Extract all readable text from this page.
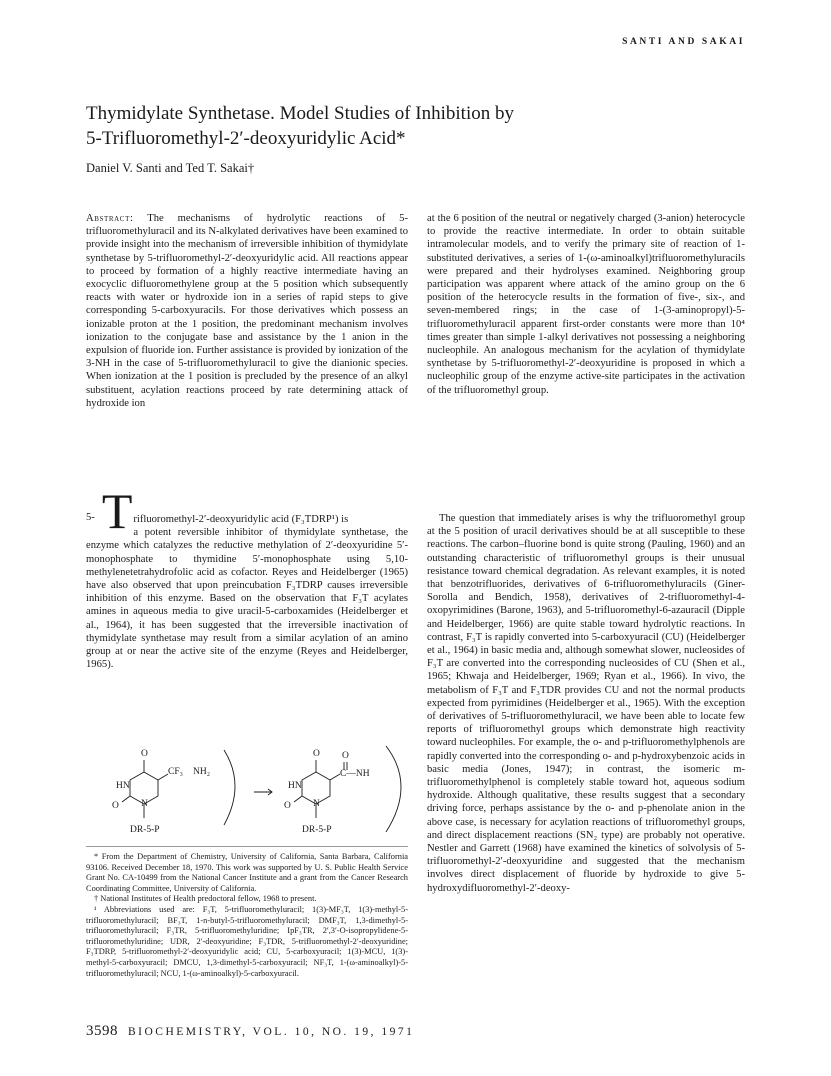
SANTI AND SAKAI
Thymidylate Synthetase. Model Studies of Inhibition by
5-Trifluoromethyl-2′-deoxyuridylic Acid*
Daniel V. Santi and Ted T. Sakai†

Abstract: The mechanisms of hydrolytic reactions of 5-trifluoromethyluracil and its N-alkylated derivatives have been examined to provide insight into the mechanism of irreversible inhibition of thymidylate synthetase by 5-trifluoromethyl-2′-deoxyuridylic acid. All reactions appear to proceed by formation of a highly reactive intermediate having an exocyclic difluoromethylene group at the 5 position which subsequently reacts with water or hydroxide ion in a series of rapid steps to give corresponding 5-carboxyuracils. For those derivatives which possess an ionizable proton at the 1 position, the predominant mechanism involves ionization to the conjugate base and assistance by the 1 anion in the expulsion of fluoride ion. Further assistance is provided by ionization of the 3-NH in the case of 5-trifluoromethyluracil to give the dianionic species. When ionization at the 1 position is precluded by the presence of an alkyl substituent, acylation reactions proceed by rate determining attack of hydroxide ion

at the 6 position of the neutral or negatively charged (3-anion) heterocycle to provide the reactive intermediate. In order to obtain suitable intramolecular models, and to verify the primary site of reaction of 1-substituted derivatives, a series of 1-(ω-aminoalkyl)trifluoromethyluracils were prepared and their hydrolyses examined. Neighboring group participation was apparent where attack of the amino group on the 6 position of the heterocycle results in the formation of five-, six-, and seven-membered rings; in the case of 1-(3-aminopropyl)-5-trifluoromethyluracil apparent first-order constants were more than 10⁴ times greater than simple 1-alkyl derivatives not possessing a neighboring nucleophile. An analogous mechanism for the acylation of thymidylate synthetase by 5-trifluoromethyl-2′-deoxyuridine is proposed in which a nucleophilic group of the enzyme active-site participates in the activation of the trifluoromethyl group.

5- T rifluoromethyl-2′-deoxyuridylic acid (F₃TDRP¹) is
a potent reversible inhibitor of thymidylate synthetase, the enzyme which catalyzes the reductive methylation of 2′-deoxyuridine 5′-monophosphate to thymidine 5′-monophosphate using 5,10-methylenetetrahydrofolic acid as cofactor. Reyes and Heidelberger (1965) have also observed that upon preincubation F₃TDRP causes irreversible inhibition of this enzyme. Based on the observation that F₃T acylates amines in aqueous media to give uracil-5-carboxamides (Heidelberger et al., 1964), it has been suggested that the irreversible inactivation of thymidylate synthetase may result from a similar acylation of an amino group at or near the active site of the enzyme (Reyes and Heidelberger, 1965).

O
HN
CF₃ NH₂
O N
DR-5-P
O O
HN
C—NH
O N
DR-5-P

* From the Department of Chemistry, University of California, Santa Barbara, California 93106. Received December 18, 1970. This work was supported by U. S. Public Health Service Grant No. CA-10499 from the National Cancer Institute and a grant from the Cancer Research Coordinating Committee, University of California.

† National Institutes of Health predoctoral fellow, 1968 to present.

¹ Abbreviations used are: F₃T, 5-trifluoromethyluracil; 1(3)-MF₃T, 1(3)-methyl-5-trifluoromethyluracil; BF₃T, 1-n-butyl-5-trifluoromethyluracil; DMF₃T, 1,3-dimethyl-5-trifluoromethyluracil; F₃TR, 5-trifluoromethyluridine; IpF₃TR, 2′,3′-O-isopropylidene-5-trifluoromethyluridine; UDR, 2′-deoxyuridine; F₃TDR, 5-trifluoromethyl-2′-deoxyuridine; F₃TDRP, 5-trifluoromethyl-2′-deoxyuridylic acid; CU, 5-carboxyuracil; 1(3)-MCU, 1(3)-methyl-5-carboxyuracil; DMCU, 1,3-dimethyl-5-carboxyuracil; NF₃T, 1-(ω-aminoalkyl)-5-trifluoromethyluracil; NCU, 1-(ω-aminoalkyl)-5-carboxyuracil.

The question that immediately arises is why the trifluoromethyl group at the 5 position of uracil derivatives should be at all susceptible to these reactions. The carbon–fluorine bond is quite strong (Pauling, 1960) and an outstanding characteristic of trifluoromethyl groups is their unusual resistance toward chemical degradation. As relevant examples, it is noted that benzotrifluorides, derivatives of 6-trifluoromethyluracils (Giner-Sorolla and Bendich, 1958), derivatives of 2-trifluoromethyl-4-oxopyrimidines (Barone, 1963), and 5-trifluoromethyl-6-azauracil (Dipple and Heidelberger, 1966) are quite stable toward hydrolytic reactions. In contrast, F₃T is rapidly converted into 5-carboxyuracil (CU) (Heidelberger et al., 1964) in basic media and, although somewhat slower, nucleosides of F₃T are converted into the corresponding nucleosides of CU (Shen et al., 1965; Khwaja and Heidelberger, 1969; Ryan et al., 1966). In vivo, the metabolism of F₃T and F₃TDR provides CU and not the normal products expected from pyrimidines (Heidelberger et al., 1965). With the exception of derivatives of 5-trifluoromethyluracil, we have been able to locate few reports of trifluoromethyl groups which demonstrate high reactivity toward nucleophiles. For example, the o- and p-trifluoromethylphenols are rapidly converted into the corresponding o- and p-hydroxybenzoic acids in basic media (Jones, 1947); in contrast, the isomeric m-trifluoromethylphenol is completely stable toward hot, aqueous sodium hydroxide. Although qualitative, these results suggest that a secondary driving force, perhaps assistance by the o- and p-phenolate anion in the above case, is necessary for acylation reactions of trifluoromethyl groups, and direct displacement reactions (SN₂ type) are probably not operative. Nestler and Garrett (1968) have examined the kinetics of solvolysis of 5-trifluoromethyl-2′-deoxyuridine and suggested that the mechanism involves direct displacement of fluoride by hydroxide to give 5-hydroxydifluoromethyl-2′-deoxy-

3598 BIOCHEMISTRY, VOL. 10, NO. 19, 1971
